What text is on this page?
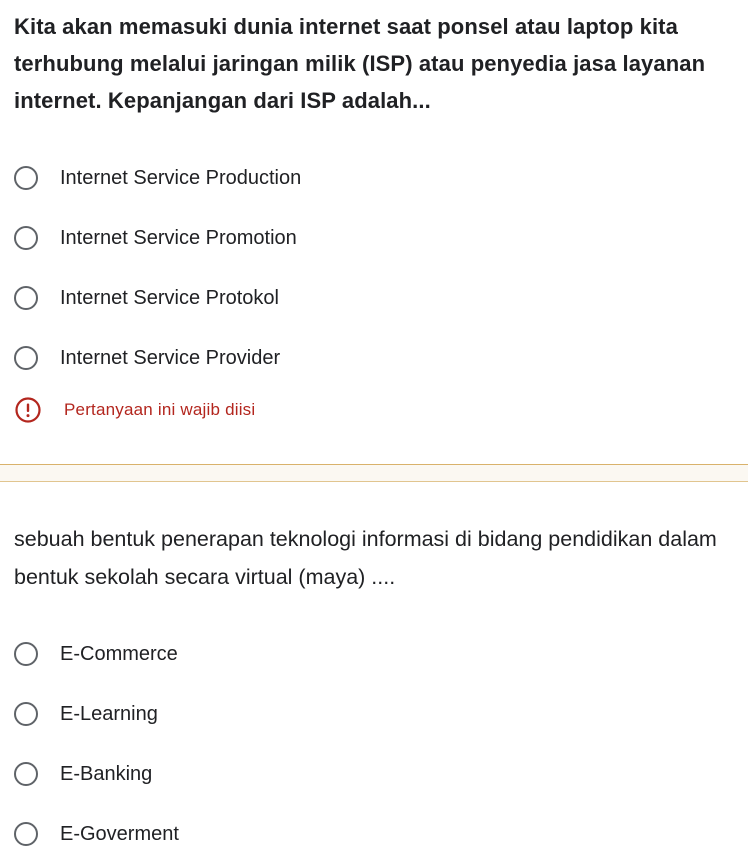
Kita akan memasuki dunia internet saat ponsel atau laptop kita terhubung melalui jaringan milik (ISP) atau penyedia jasa layanan internet. Kepanjangan dari ISP adalah...

Internet Service Production
Internet Service Promotion
Internet Service Protokol
Internet Service Provider
Pertanyaan ini wajib diisi

sebuah bentuk penerapan teknologi informasi di bidang pendidikan dalam bentuk sekolah secara virtual (maya) ....

E-Commerce
E-Learning
E-Banking
E-Goverment
